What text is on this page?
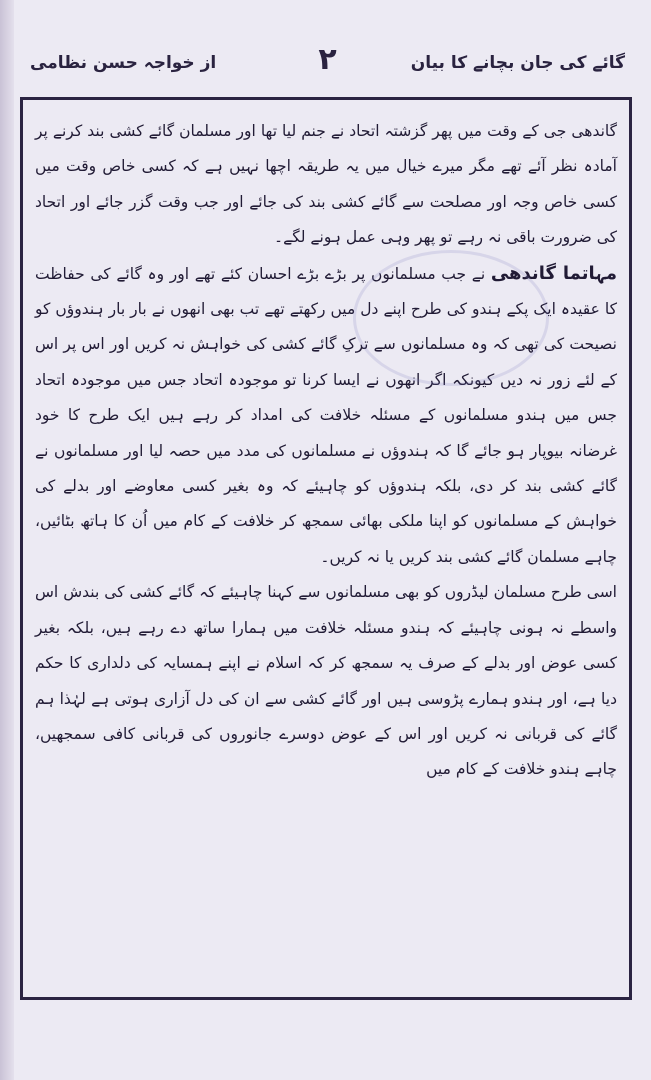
گائے کی جان بچانے کا بیان
۲
از خواجہ حسن نظامی

گاندھی جی کے وقت میں پھر گزشتہ اتحاد نے جنم لیا تھا اور مسلمان گائے کشی بند کرنے پر آمادہ نظر آئے تھے مگر میرے خیال میں یہ طریقہ اچھا نہیں ہے کہ کسی خاص وقت میں کسی خاص وجہ اور مصلحت سے گائے کشی بند کی جائے اور جب وقت گزر جائے اور اتحاد کی ضرورت باقی نہ رہے تو پھر وہی عمل ہونے لگے۔

مہاتما گاندھی نے جب مسلمانوں پر بڑے بڑے احسان کئے تھے اور وہ گائے کی حفاظت کا عقیدہ ایک پکے ہندو کی طرح اپنے دل میں رکھتے تھے تب بھی انھوں نے بار بار ہندوؤں کو نصیحت کی تھی کہ وہ مسلمانوں سے ترکِ گائے کشی کی خواہش نہ کریں اور اس پر اس کے لئے زور نہ دیں کیونکہ اگر انھوں نے ایسا کرنا تو موجودہ اتحاد جس میں موجودہ اتحاد جس میں ہندو مسلمانوں کے مسئلہ خلافت کی امداد کر رہے ہیں ایک طرح کا خود غرضانہ بیوپار ہو جائے گا کہ ہندوؤں نے مسلمانوں کی مدد میں حصہ لیا اور مسلمانوں نے گائے کشی بند کر دی، بلکہ ہندوؤں کو چاہیئے کہ وہ بغیر کسی معاوضے اور بدلے کی خواہش کے مسلمانوں کو اپنا ملکی بھائی سمجھ کر خلافت کے کام میں اُن کا ہاتھ بٹائیں، چاہے مسلمان گائے کشی بند کریں یا نہ کریں۔

اسی طرح مسلمان لیڈروں کو بھی مسلمانوں سے کہنا چاہیئے کہ گائے کشی کی بندش اس واسطے نہ ہونی چاہیئے کہ ہندو مسئلہ خلافت میں ہمارا ساتھ دے رہے ہیں، بلکہ بغیر کسی عوض اور بدلے کے صرف یہ سمجھ کر کہ اسلام نے اپنے ہمسایہ کی دلداری کا حکم دیا ہے، اور ہندو ہمارے پڑوسی ہیں اور گائے کشی سے ان کی دل آزاری ہوتی ہے لہٰذا ہم گائے کی قربانی نہ کریں اور اس کے عوض دوسرے جانوروں کی قربانی کافی سمجھیں، چاہے ہندو خلافت کے کام میں
